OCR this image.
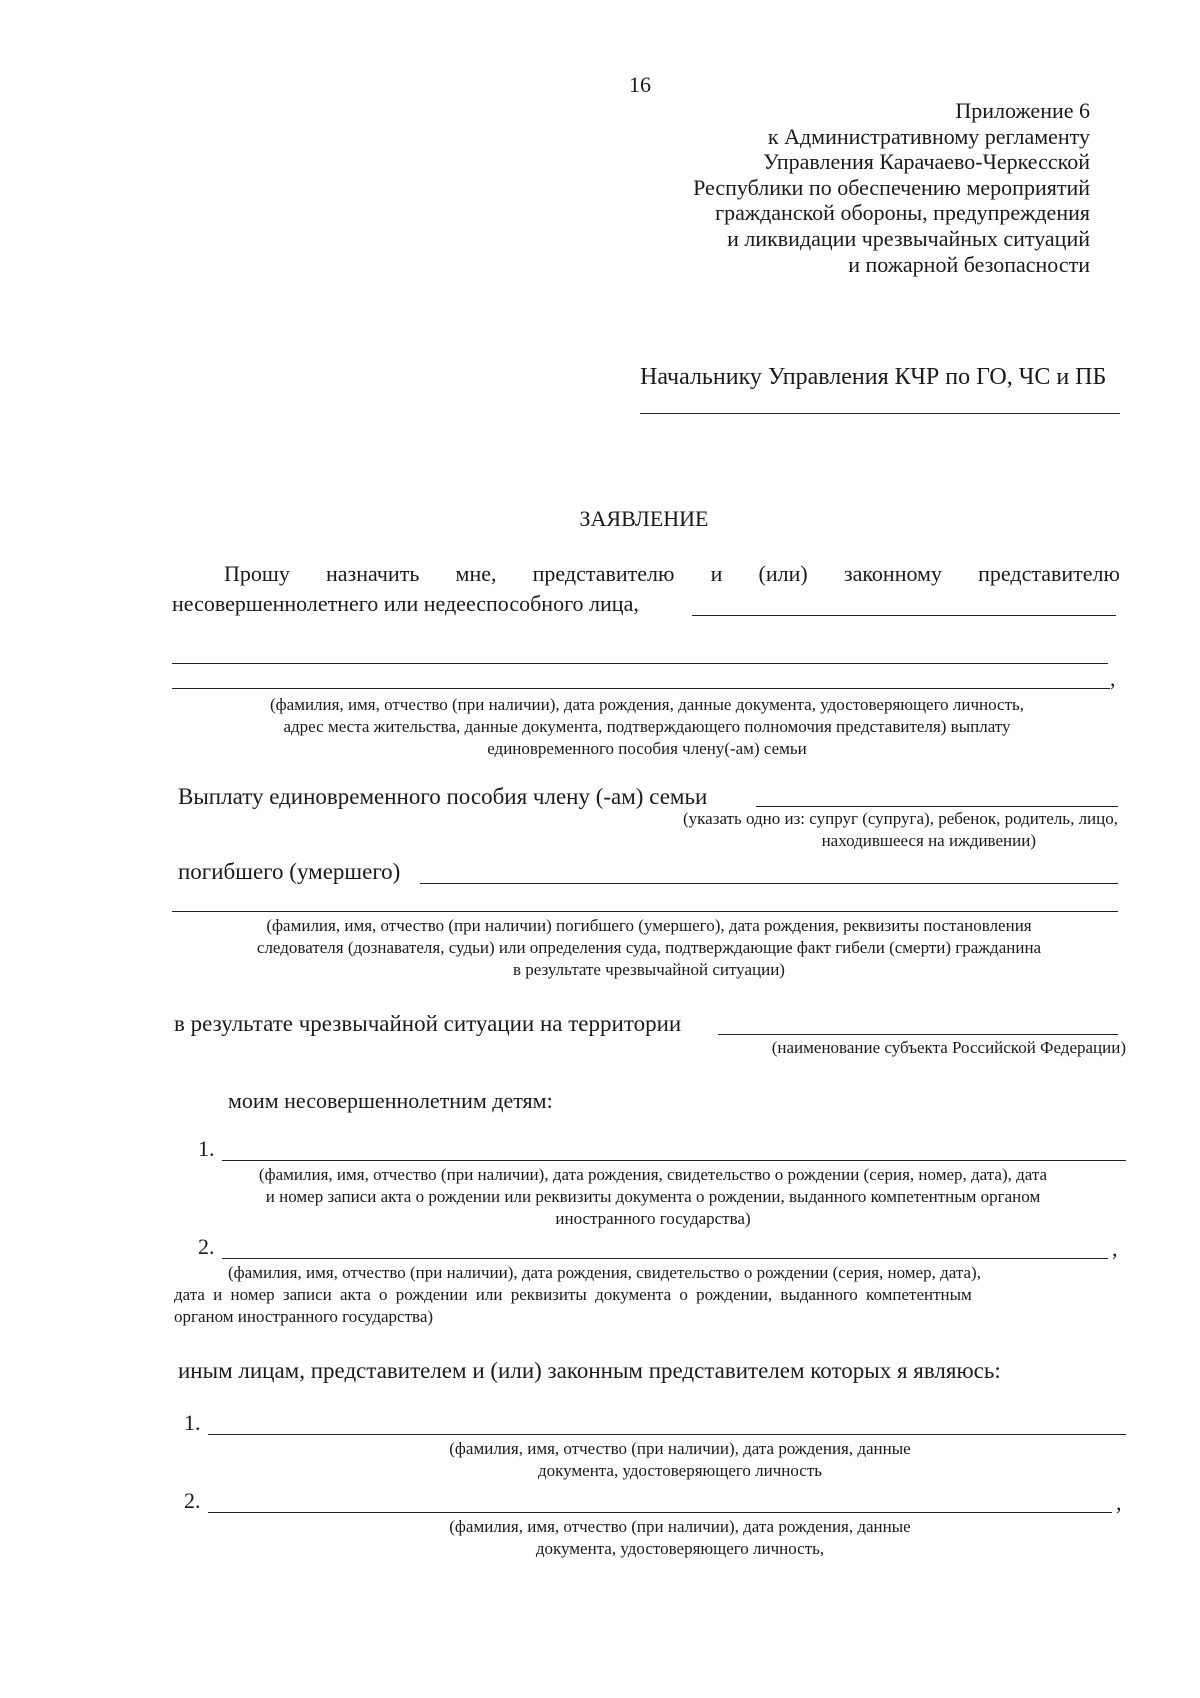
16
Приложение 6
к Административному регламенту
Управления Карачаево-Черкесской
Республики по обеспечению мероприятий
гражданской обороны, предупреждения
и ликвидации чрезвычайных ситуаций
и пожарной безопасности
Начальнику Управления КЧР по ГО, ЧС и ПБ
ЗАЯВЛЕНИЕ
Прошу назначить мне, представителю и (или) законному представителю
несовершеннолетнего или недееспособного лица,
,
(фамилия, имя, отчество (при наличии), дата рождения, данные документа, удостоверяющего личность,
адрес места жительства, данные документа, подтверждающего полномочия представителя) выплату
единовременного пособия члену(-ам) семьи
Выплату единовременного пособия члену (-ам) семьи
(указать одно из: супруг (супруга), ребенок, родитель, лицо,
находившееся на иждивении)
погибшего (умершего)
(фамилия, имя, отчество (при наличии) погибшего (умершего), дата рождения, реквизиты постановления
следователя (дознавателя, судьи) или определения суда, подтверждающие факт гибели (смерти) гражданина
в результате чрезвычайной ситуации)
в результате чрезвычайной ситуации на территории
(наименование субъекта Российской Федерации)
моим несовершеннолетним детям:
1.
(фамилия, имя, отчество (при наличии), дата рождения, свидетельство о рождении (серия, номер, дата), дата
и номер записи акта о рождении или реквизиты документа о рождении, выданного компетентным органом
иностранного государства)
2.	,
(фамилия, имя, отчество (при наличии), дата рождения, свидетельство о рождении (серия, номер, дата),
дата и номер записи акта о рождении или реквизиты документа о рождении, выданного компетентным
органом иностранного государства)
иным лицам, представителем и (или) законным представителем которых я являюсь:
1.
(фамилия, имя, отчество (при наличии), дата рождения, данные
документа, удостоверяющего личность
2.	,
(фамилия, имя, отчество (при наличии), дата рождения, данные
документа, удостоверяющего личность,
